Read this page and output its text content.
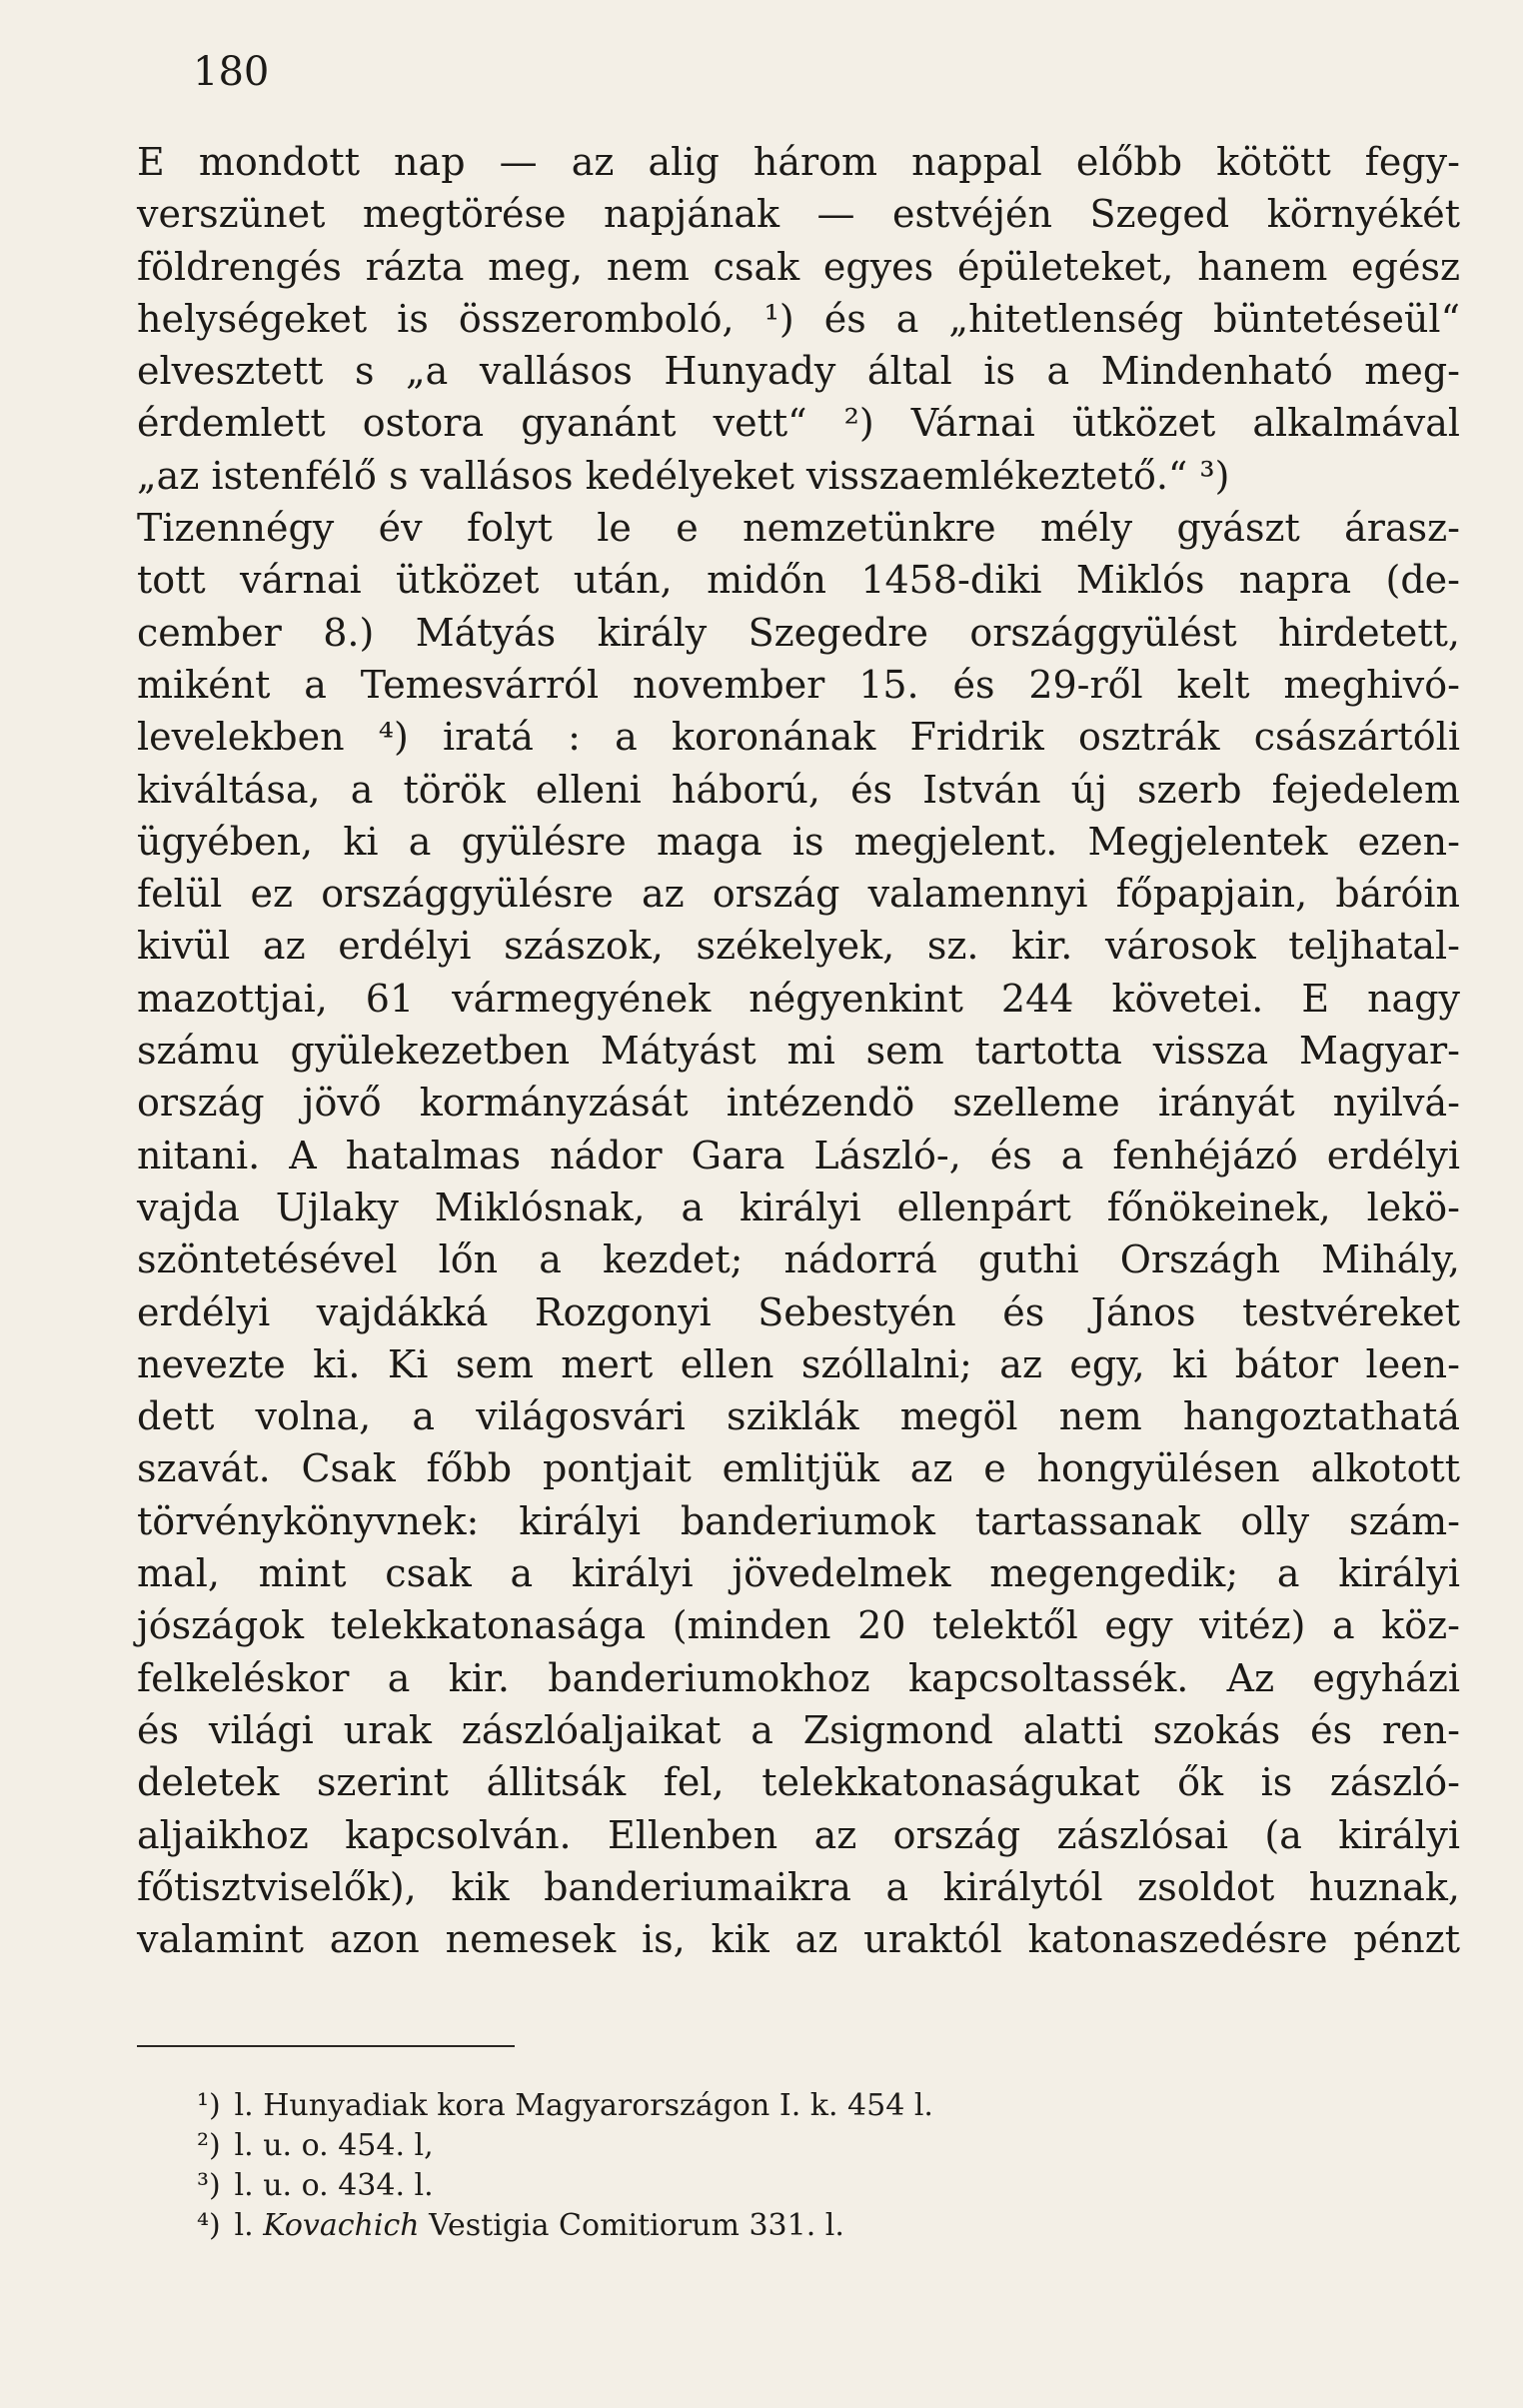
180
E mondott nap — az alig három nappal előbb kötött fegy-
verszünet megtörése napjának — estvéjén Szeged környékét
földrengés rázta meg, nem csak egyes épületeket, hanem egész
helységeket is összeromboló, ¹) és a „hitetlenség büntetéseül“
elvesztett s „a vallásos Hunyady által is a Mindenható meg-
érdemlett ostora gyanánt vett“ ²) Várnai ütközet alkalmával
„az istenfélő s vallásos kedélyeket visszaemlékeztető.“ ³)
Tizennégy év folyt le e nemzetünkre mély gyászt árasz-
tott várnai ütközet után, midőn 1458-diki Miklós napra (de-
cember 8.) Mátyás király Szegedre országgyülést hirdetett,
miként a Temesvárról november 15. és 29-ről kelt meghivó-
levelekben ⁴) iratá : a koronának Fridrik osztrák császártóli
kiváltása, a török elleni háború, és István új szerb fejedelem
ügyében, ki a gyülésre maga is megjelent. Megjelentek ezen-
felül ez országgyülésre az ország valamennyi főpapjain, báróin
kivül az erdélyi szászok, székelyek, sz. kir. városok teljhatal-
mazottjai, 61 vármegyének négyenkint 244 követei. E nagy
számu gyülekezetben Mátyást mi sem tartotta vissza Magyar-
ország jövő kormányzását intézendö szelleme irányát nyilvá-
nitani. A hatalmas nádor Gara László-, és a fenhéjázó erdélyi
vajda Ujlaky Miklósnak, a királyi ellenpárt főnökeinek, lekö-
szöntetésével lőn a kezdet; nádorrá guthi Országh Mihály,
erdélyi vajdákká Rozgonyi Sebestyén és János testvéreket
nevezte ki. Ki sem mert ellen szóllalni; az egy, ki bátor leen-
dett volna, a világosvári sziklák megöl nem hangoztathatá
szavát. Csak főbb pontjait emlitjük az e hongyülésen alkotott
törvénykönyvnek: királyi banderiumok tartassanak olly szám-
mal, mint csak a királyi jövedelmek megengedik; a királyi
jószágok telekkatonasága (minden 20 telektől egy vitéz) a köz-
felkeléskor a kir. banderiumokhoz kapcsoltassék. Az egyházi
és világi urak zászlóaljaikat a Zsigmond alatti szokás és ren-
deletek szerint állitsák fel, telekkatonaságukat ők is zászló-
aljaikhoz kapcsolván. Ellenben az ország zászlósai (a királyi
főtisztviselők), kik banderiumaikra a királytól zsoldot huznak,
valamint azon nemesek is, kik az uraktól katonaszedésre pénzt
¹) l. Hunyadiak kora Magyarországon I. k. 454 l.
²) l. u. o. 454. l,
³) l. u. o. 434. l.
⁴) l. Kovachich Vestigia Comitiorum 331. l.
